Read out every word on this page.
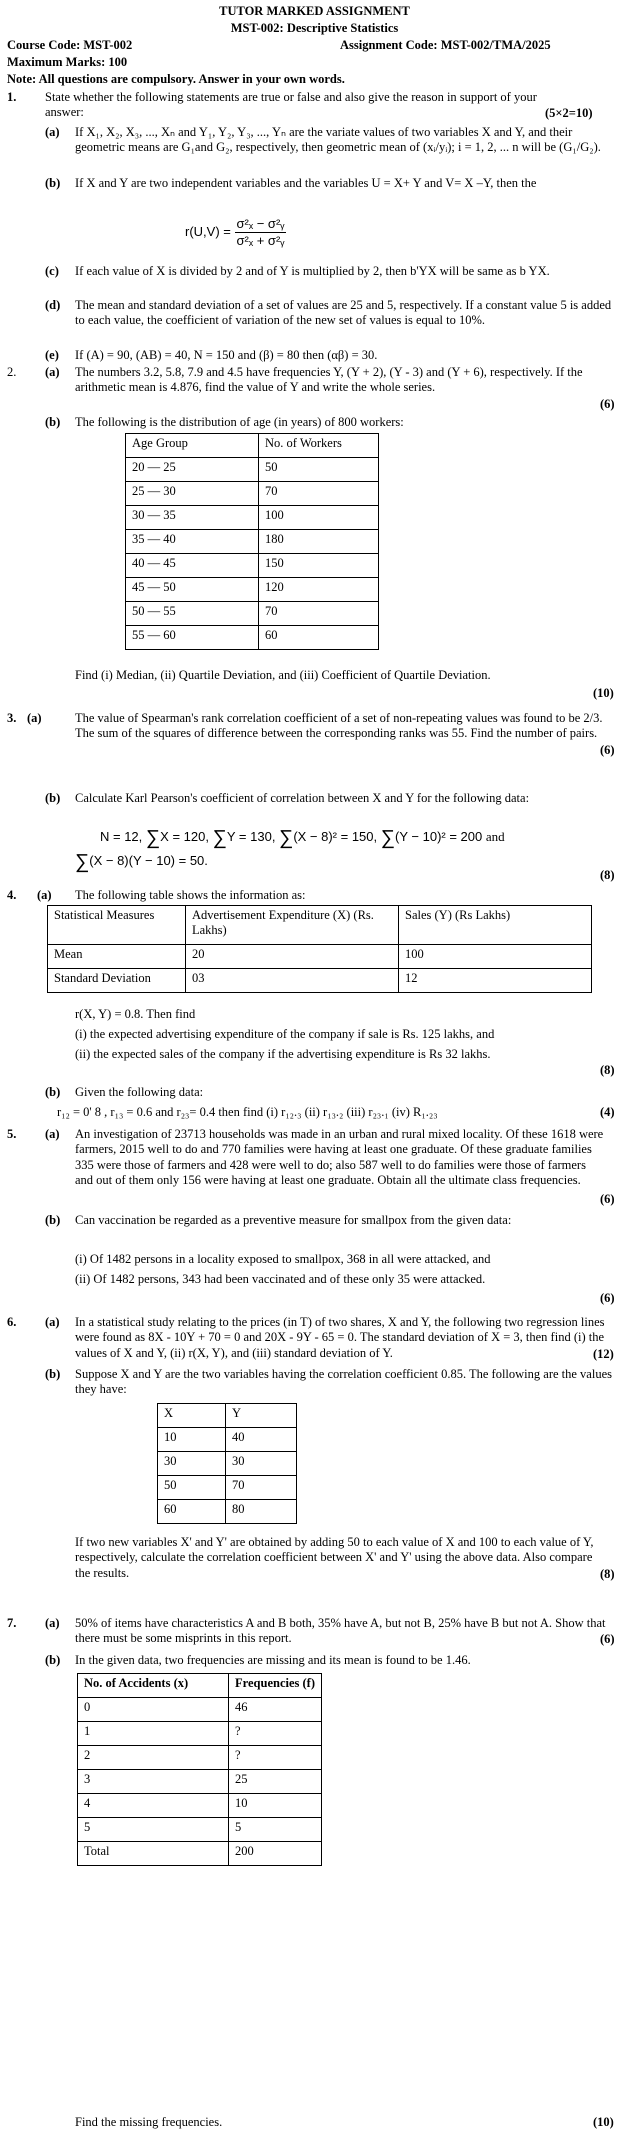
TUTOR MARKED ASSIGNMENT
MST-002: Descriptive Statistics
Course Code: MST-002	Assignment Code: MST-002/TMA/2025
Maximum Marks: 100
Note: All questions are compulsory. Answer in your own words.
1. State whether the following statements are true or false and also give the reason in support of your answer:	(5×2=10)
(a) If X₁, X₂, X₃, ..., Xₙ and Y₁, Y₂, Y₃, ..., Yₙ are the variate values of two variables X and Y, and their geometric means are G₁and G₂, respectively, then geometric mean of (xᵢ/yᵢ); i = 1, 2, ... n will be (G₁/G₂).
(b) If X and Y are two independent variables and the variables U = X+ Y and V= X –Y, then the
$r(U,V) = \frac{\text{σ²ₓ − σ²ᵧ}}{\text{σ²ₓ + σ²ᵧ}}$
(c) If each value of X is divided by 2 and of Y is multiplied by 2, then b'YX will be same as b YX.
(d) The mean and standard deviation of a set of values are 25 and 5, respectively. If a constant value 5 is added to each value, the coefficient of variation of the new set of values is equal to 10%.
(e) If (A) = 90, (AB) = 40, N = 150 and (β) = 80 then (αβ) = 30.
2. (a) The numbers 3.2, 5.8, 7.9 and 4.5 have frequencies Y, (Y + 2), (Y - 3) and (Y + 6), respectively. If the arithmetic mean is 4.876, find the value of Y and write the whole series.
(6)
(b) The following is the distribution of age (in years) of 800 workers:
Age Group	No. of Workers
20 — 25	50
25 — 30	70
30 — 35	100
35 — 40	180
40 — 45	150
45 — 50	120
50 — 55	70
55 — 60	60
Find (i) Median, (ii) Quartile Deviation, and (iii) Coefficient of Quartile Deviation.
(10)
3. (a)	The value of Spearman's rank correlation coefficient of a set of non-repeating values was found to be 2/3. The sum of the squares of difference between the corresponding ranks was 55. Find the number of pairs.
(6)
(b) Calculate Karl Pearson's coefficient of correlation between X and Y for the following data:
N = 12, ∑X = 120, ∑Y = 130, ∑(X − 8)² = 150, ∑(Y − 10)² = 200 and
∑(X − 8)(Y − 10) = 50.
(8)
4. (a) The following table shows the information as:
Statistical Measures	Advertisement Expenditure (X) (Rs. Lakhs)	Sales (Y) (Rs Lakhs)
Mean	20	100
Standard Deviation	03	12
r(X, Y) = 0.8. Then find
(i) the expected advertising expenditure of the company if sale is Rs. 125 lakhs, and
(ii) the expected sales of the company if the advertising expenditure is Rs 32 lakhs.
(8)
(b) Given the following data:
r₁₂ = 0' 8 , r₁₃ = 0.6 and r₂₃= 0.4 then find (i) r₁₂.₃ (ii) r₁₃.₂ (iii) r₂₃.₁ (iv) R₁.₂₃	(4)
5. (a) An investigation of 23713 households was made in an urban and rural mixed locality. Of these 1618 were farmers, 2015 well to do and 770 families were having at least one graduate. Of these graduate families 335 were those of farmers and 428 were well to do; also 587 well to do families were those of farmers and out of them only 156 were having at least one graduate. Obtain all the ultimate class frequencies.
(6)
(b) Can vaccination be regarded as a preventive measure for smallpox from the given data:
(i) Of 1482 persons in a locality exposed to smallpox, 368 in all were attacked, and
(ii) Of 1482 persons, 343 had been vaccinated and of these only 35 were attacked.
(6)
6. (a) In a statistical study relating to the prices (in T) of two shares, X and Y, the following two regression lines were found as 8X - 10Y + 70 = 0 and 20X - 9Y - 65 = 0. The standard deviation of X = 3, then find (i) the values of X and Y, (ii) r(X, Y), and (iii) standard deviation of Y.	(12)
(b) Suppose X and Y are the two variables having the correlation coefficient 0.85. The following are the values they have:
X	Y
10	40
30	30
50	70
60	80
If two new variables X' and Y' are obtained by adding 50 to each value of X and 100 to each value of Y, respectively, calculate the correlation coefficient between X' and Y' using the above data. Also compare the results.	(8)
7. (a) 50% of items have characteristics A and B both, 35% have A, but not B, 25% have B but not A. Show that there must be some misprints in this report.	(6)
(b) In the given data, two frequencies are missing and its mean is found to be 1.46.
No. of Accidents (x)	Frequencies (f)
0	46
1	?
2	?
3	25
4	10
5	5
Total	200
Find the missing frequencies.	(10)
